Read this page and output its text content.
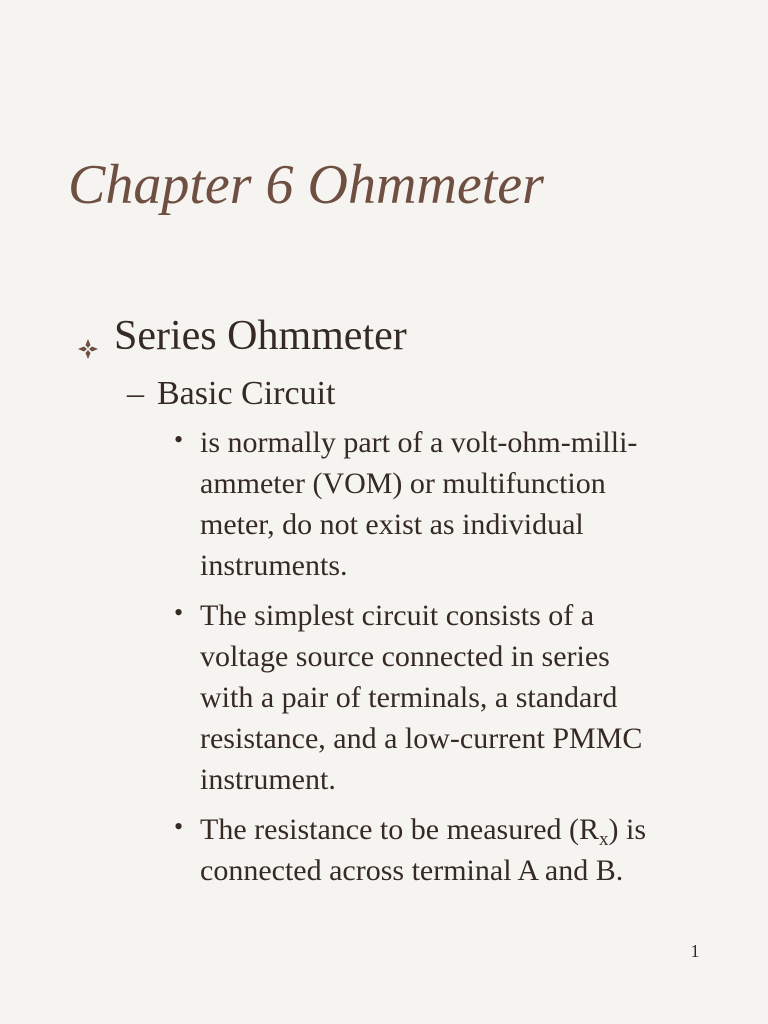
Chapter 6 Ohmmeter
Series Ohmmeter
– Basic Circuit
• is normally part of a volt-ohm-milli-
ammeter (VOM) or multifunction
meter, do not exist as individual
instruments.
• The simplest circuit consists of a
voltage source connected in series
with a pair of terminals, a standard
resistance, and a low-current PMMC
instrument.
• The resistance to be measured $(R_x)$ is
connected across terminal A and B.
1
